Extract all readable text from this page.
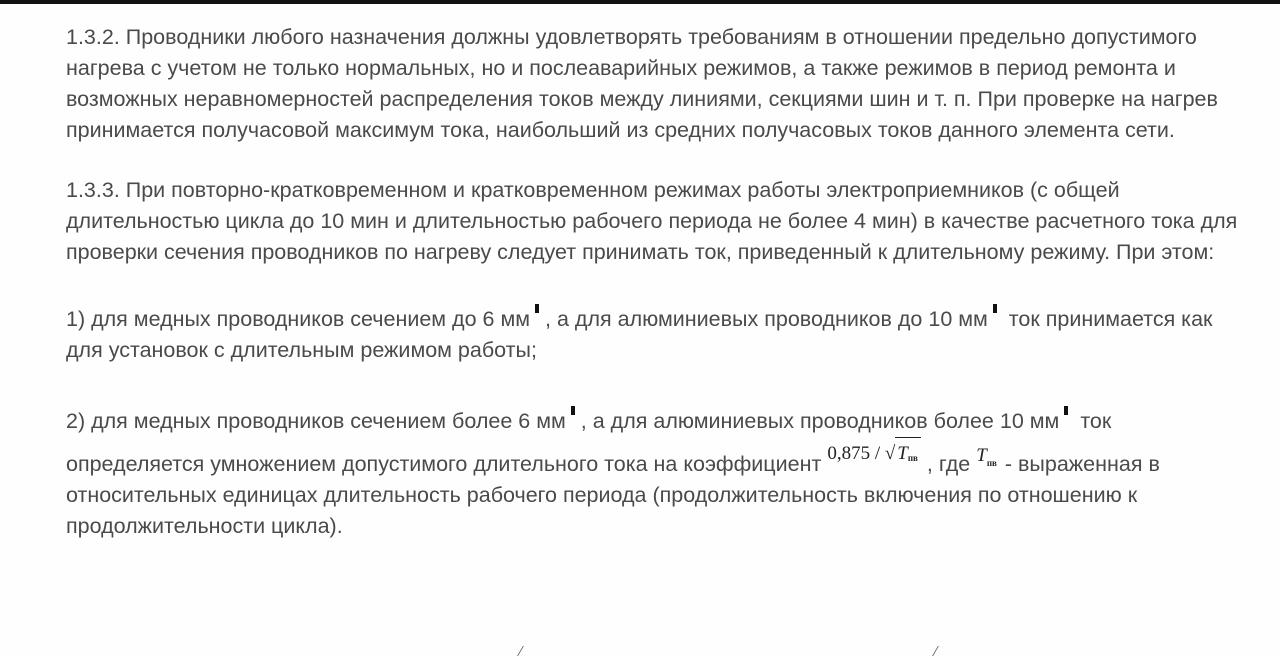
1.3.2. Проводники любого назначения должны удовлетворять требованиям в отношении предельно допустимого нагрева с учетом не только нормальных, но и послеаварийных режимов, а также режимов в период ремонта и возможных неравномерностей распределения токов между линиями, секциями шин и т. п. При проверке на нагрев принимается получасовой максимум тока, наибольший из средних получасовых токов данного элемента сети.

1.3.3. При повторно-кратковременном и кратковременном режимах работы электроприемников (с общей длительностью цикла до 10 мин и длительностью рабочего периода не более 4 мин) в качестве расчетного тока для проверки сечения проводников по нагреву следует принимать ток, приведенный к длительному режиму. При этом:

1) для медных проводников сечением до 6 мм , а для алюминиевых проводников до 10 мм ток принимается как для установок с длительным режимом работы;

2) для медных проводников сечением более 6 мм , а для алюминиевых проводников более 10 мм ток определяется умножением допустимого длительного тока на коэффициент 0,875 / √ $T_{пв}$ , где $T_{пв}$ - выраженная в относительных единицах длительность рабочего периода (продолжительность включения по отношению к продолжительности цикла).
